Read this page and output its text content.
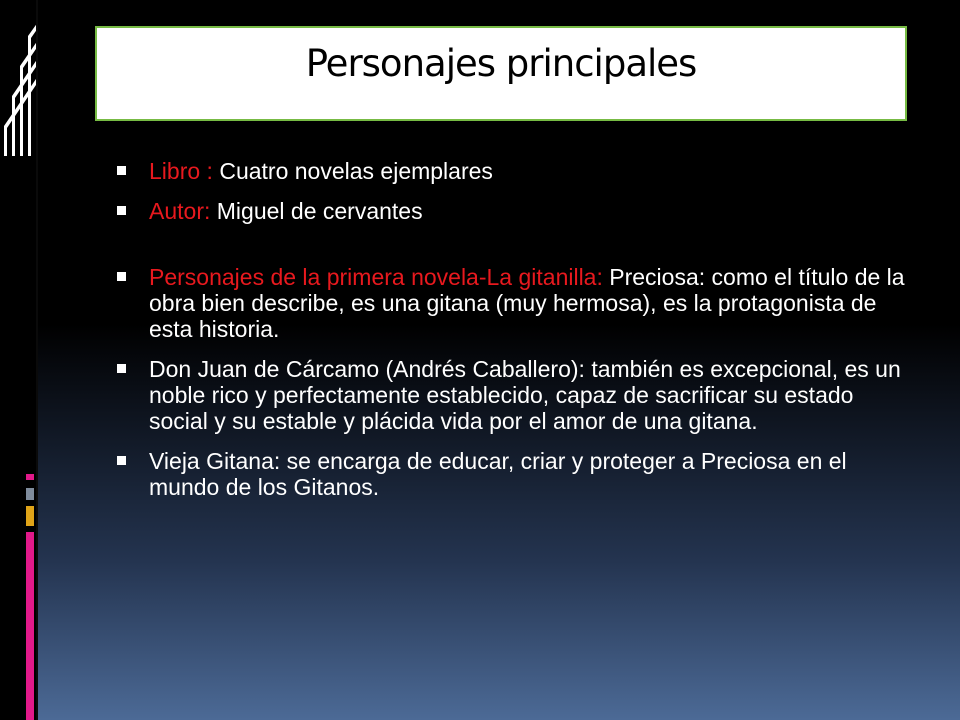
Personajes principales
Libro : Cuatro novelas ejemplares
Autor: Miguel de cervantes
Personajes de la primera novela-La gitanilla: Preciosa: como el título de la obra bien describe, es una gitana (muy hermosa), es la protagonista de esta historia.
Don Juan de Cárcamo (Andrés Caballero): también es excepcional, es un noble rico y perfectamente establecido, capaz de sacrificar su estado social y su estable y plácida vida por el amor de una gitana.
Vieja Gitana: se encarga de educar, criar y proteger a Preciosa en el mundo de los Gitanos.
